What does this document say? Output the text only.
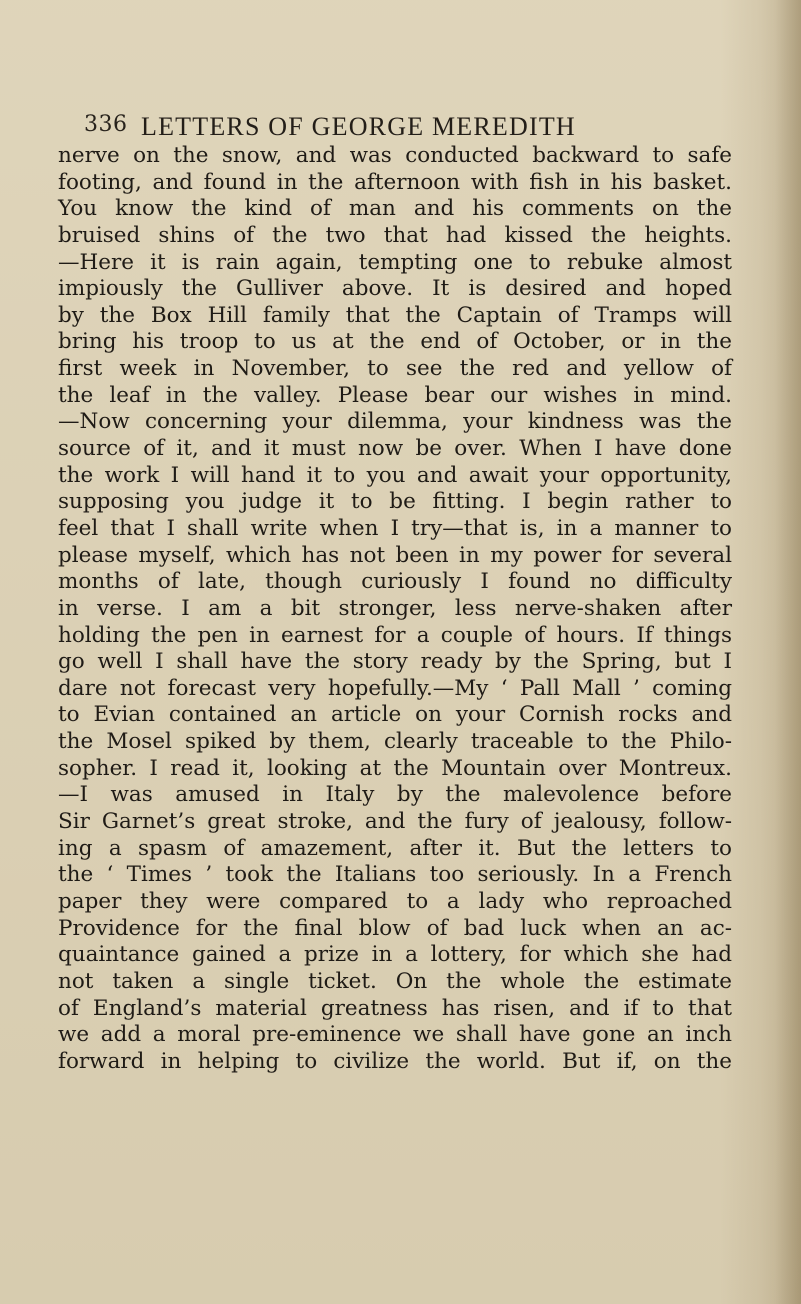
336 LETTERS OF GEORGE MEREDITH
nerve on the snow, and was conducted backward to safe
footing, and found in the afternoon with fish in his basket.
You know the kind of man and his comments on the
bruised shins of the two that had kissed the heights.
—Here it is rain again, tempting one to rebuke almost
impiously the Gulliver above. It is desired and hoped
by the Box Hill family that the Captain of Tramps will
bring his troop to us at the end of October, or in the
first week in November, to see the red and yellow of
the leaf in the valley. Please bear our wishes in mind.
—Now concerning your dilemma, your kindness was the
source of it, and it must now be over. When I have done
the work I will hand it to you and await your opportunity,
supposing you judge it to be fitting. I begin rather to
feel that I shall write when I try—that is, in a manner to
please myself, which has not been in my power for several
months of late, though curiously I found no difficulty
in verse. I am a bit stronger, less nerve-shaken after
holding the pen in earnest for a couple of hours. If things
go well I shall have the story ready by the Spring, but I
dare not forecast very hopefully.—My ‘ Pall Mall ’ coming
to Evian contained an article on your Cornish rocks and
the Mosel spiked by them, clearly traceable to the Philo-
sopher. I read it, looking at the Mountain over Montreux.
—I was amused in Italy by the malevolence before
Sir Garnet’s great stroke, and the fury of jealousy, follow-
ing a spasm of amazement, after it. But the letters to
the ‘ Times ’ took the Italians too seriously. In a French
paper they were compared to a lady who reproached
Providence for the final blow of bad luck when an ac-
quaintance gained a prize in a lottery, for which she had
not taken a single ticket. On the whole the estimate
of England’s material greatness has risen, and if to that
we add a moral pre-eminence we shall have gone an inch
forward in helping to civilize the world. But if, on the
